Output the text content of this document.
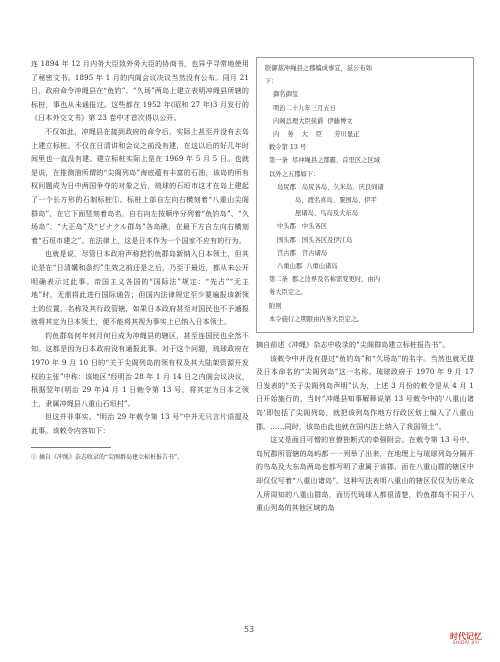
连 1894 年 12 月内务大臣致外务大臣的协商书，也异乎寻常地使用了秘密文书。1895 年 1 月的内阁会议决议当然没有公布。同月 21 日，政府命令冲绳县在“鱼钓”、“久场”两岛上建立表明冲绳县所辖的标桩，事也从未通报过。这些都在 1952 年(昭和 27 年)3 月发行的《日本外交文书》第 23 卷中才首次得以公开。

不仅如此，冲绳县在接到政府的命令后，实际上甚至并没有去岛上建立标桩。不仅在日清讲和会议之前没有建，在这以后的好几年时间里也一直没有建。建立标桩实际上是在 1969 年 5 月 5 日。也就是说，在推测油所谓的“尖阁列岛”海底蕴有丰富的石油，该岛的所有权问题成为日中两国争夺的对象之后，琉球的石垣市这才在岛上建起了一个长方形的石制标桩①。标桩上部自左向右横刻着“八重山尖阁群岛”，在它下面竖刻着岛名，自右向左按顺序分列着“鱼钓岛”、“久场岛”、“大正岛”及“ピナクル群岛”各岛礁，在最下方自左向右横刻着“石垣市建之”。在法律上，这是日本作为一个国家不应有的行为。

也就是说，尽管日本政府声称把钓鱼群岛新纳入日本领土，但其论是在“日清媾和条约”生效之前还是之后，乃至于最近，都从未公开明确表示过此事。帝国主义各国的“国际法”规定：“先占”“无主地”时，无需将此进行国际通告；但国内法律规定至少要遍报该新领土的位置、名称及其行政管辖，如果日本政府甚至对国民也不予通报就将其定为日本领土，便不能将其视为事实上已纳入日本领土。

钓鱼群岛何年何月何日成为冲绳县的辖区，甚至连国民也全然不知。这都是因为日本政府没有通报此事。对于这个问题，琉球政府在 1970 年 9 月 10 日的“关于尖阁列岛的领有权及其大陆架资源开发权的主张”中称：该地区“经明治 28 年 1 月 14 日之内阁会议决议，根据翌年(明治 29 年)4 月 1 日勅令第 13 号，将其定为日本之领土，隶属冲绳县八重山石垣村”。

但这并非事实。“明治 29 年敕令第 13 号”中并无只言片语提及此事。该敕令内容如下：

① 摘自《冲绳》杂志收录的“尖阁群岛建立标桩报告书”。
朕御裁冲绳县之郡编成事宜，兹公布如
下：
御名御玺
明治二十九年三月五日
内阁总理大臣侯爵  伊藤博文
内    务    大    臣      芳川显正
敕令第 13 号
第一条  尽冲绳县之那霸、首里区之区域
以外之五郡如下：
岛尻郡   岛尻各岛、久米岛、庆良间诸
岛、渡名喜岛、粟国岛、伊平
屋诸岛、鸟岛及大东岛
中头郡   中头各区
国头郡   国头各区及伊江岛
宫古郡   宫古诸岛
八重山郡  八重山诸岛
第二条  郡之边界及名称需变更时，由内
务大臣定之。
附则
本令施行之期限由内务大臣定之。

摘自前述《冲绳》杂志中收录的“尖阁群岛建立标桩报告书”。

该敕令中并没有提过“鱼钓岛”和“久场岛”的名字。当然也就无提及日本命名的“尖阁列岛”这一名称。琉球政府于 1970 年 9 月 17 日发表的“关于尖阁列岛声明”认为，上述 3 月份的敕令是从 4 月 1 日开始施行的，当时“冲绳县知事解释说第 13 号敕令中的‘八重山诸岛’即包括了尖阁列岛，就把该列岛作地方行政区划上编入了八重山郡。……同时，该岛由此也就在国内法上纳入了我国领土”。

这又是面目可憎的官僚独断式的牵强附会。在敕令第 13 号中，岛尻郡所管辖的岛屿都一一列举了出来，在地理上与琉球列岛分隔开的鸟岛及大东岛两岛也都写明了隶属于该郡，而在八重山郡的辖区中却仅仅写着“八重山诸岛”。这种写法表明八重山的辖区仅仅为历来众人所周知的八重山群岛，而历代琉球人都很清楚，钓鱼群岛不同于八重山列岛的其他区域的岛

53
时代记忆
SHIDAI JIYI
